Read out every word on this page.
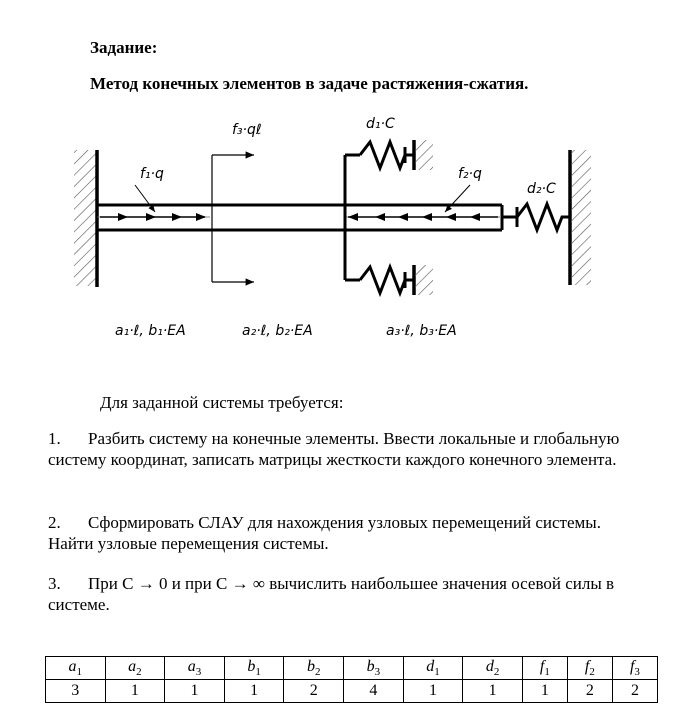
Задание:
Метод конечных элементов в задаче растяжения-сжатия.
f₁·q	f₂·q
f₃·qℓ	d₁·C
d₂·C
a₁·ℓ, b₁·EA	a₂·ℓ, b₂·EA	a₃·ℓ, b₃·EA
Для заданной системы требуется:
1. Разбить систему на конечные элементы. Ввести локальные и глобальную систему координат, записать матрицы жесткости каждого конечного элемента.
2. Сформировать СЛАУ для нахождения узловых перемещений системы. Найти узловые перемещения системы.
3. При С → 0 и при С → ∞ вычислить наибольшее значения осевой силы в системе.
$a_1$	$a_2$	$a_3$	$b_1$	$b_2$	$b_3$	$d_1$	$d_2$	$f_1$	$f_2$	$f_3$
3	1	1	1	2	4	1	1	1	2	2
